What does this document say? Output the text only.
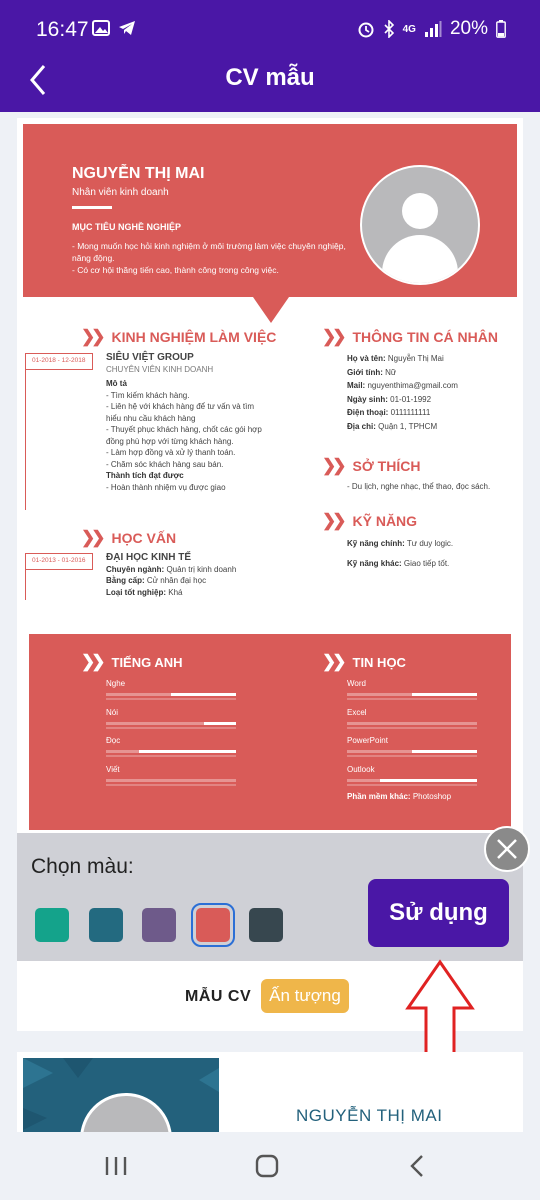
16:47	4G 20%
CV mẫu
NGUYỄN THỊ MAI
Nhân viên kinh doanh
MỤC TIÊU NGHỀ NGHIỆP
- Mong muốn học hỏi kinh nghiệm ở môi trường làm việc chuyên nghiệp,
năng động.
- Có cơ hội thăng tiến cao, thành công trong công việc.
❯❯ KINH NGHIỆM LÀM VIỆC
01-2018 - 12-2018	SIÊU VIỆT GROUP
CHUYÊN VIÊN KINH DOANH
Mô tả
- Tìm kiếm khách hàng.
- Liên hệ với khách hàng để tư vấn và tìm
hiểu nhu cầu khách hàng
- Thuyết phục khách hàng, chốt các gói hợp
đồng phù hợp với từng khách hàng.
- Làm hợp đồng và xử lý thanh toán.
- Chăm sóc khách hàng sau bán.
Thành tích đạt được
- Hoàn thành nhiệm vụ được giao
❯❯ HỌC VẤN
01-2013 - 01-2016	ĐẠI HỌC KINH TẾ
Chuyên ngành: Quản trị kinh doanh
Bằng cấp: Cử nhân đại học
Loại tốt nghiệp: Khá
❯❯ THÔNG TIN CÁ NHÂN
Họ và tên: Nguyễn Thị Mai
Giới tính: Nữ
Mail: nguyenthima@gmail.com
Ngày sinh: 01-01-1992
Điện thoại: 0111111111
Địa chỉ: Quận 1, TPHCM
❯❯ SỞ THÍCH
- Du lịch, nghe nhạc, thể thao, đọc sách.
❯❯ KỸ NĂNG
Kỹ năng chính: Tư duy logic.
Kỹ năng khác: Giao tiếp tốt.
❯❯ TIẾNG ANH
Nghe
Nói
Đọc
Viết
❯❯ TIN HỌC
Word
Excel
PowerPoint
Outlook
Phần mềm khác: Photoshop
Chọn màu:
Sử dụng
MẪU CV	Ấn tượng
NGUYỄN THỊ MAI
